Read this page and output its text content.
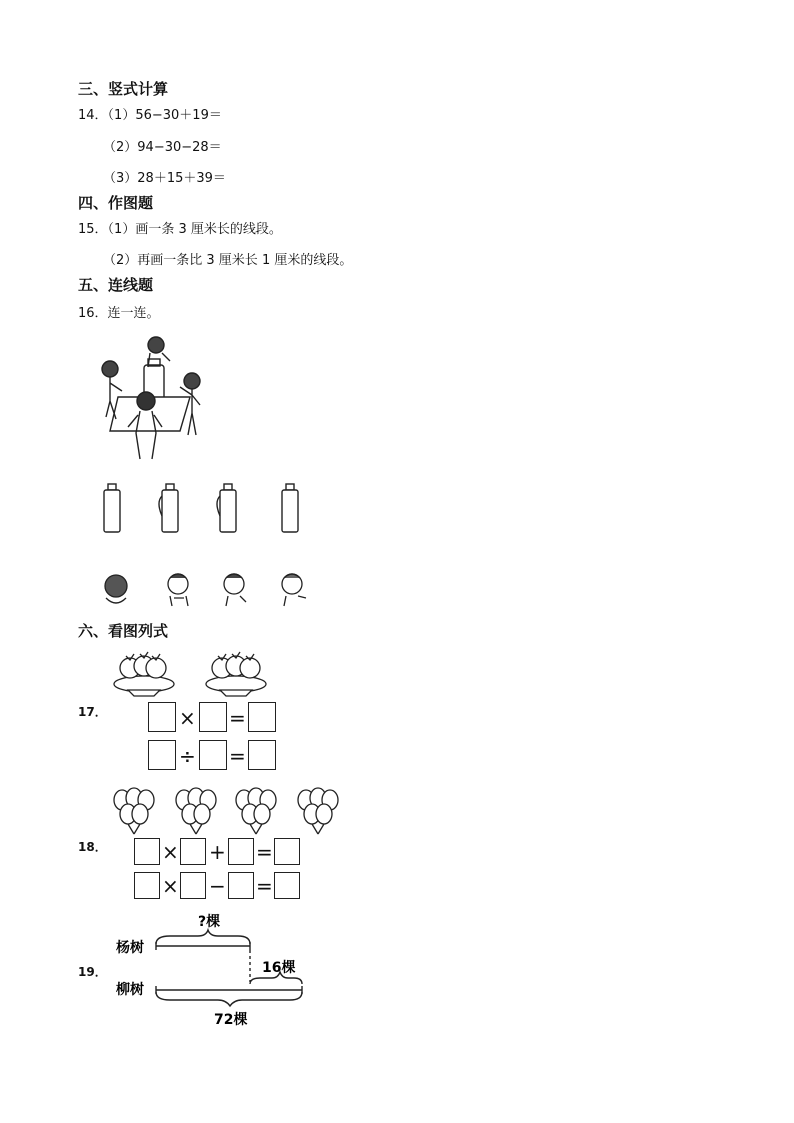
三、竖式计算
14．（1）56−30＋19＝
（2）94−30−28＝
（3）28＋15＋39＝
四、作图题
15．（1）画一条 3 厘米长的线段。
（2）再画一条比 3 厘米长 1 厘米的线段。
五、连线题
16．连一连。
六、看图列式
17．	× =
÷ =
18．	× + =
× − =
19．
杨树
柳树
?棵
16棵
72棵
